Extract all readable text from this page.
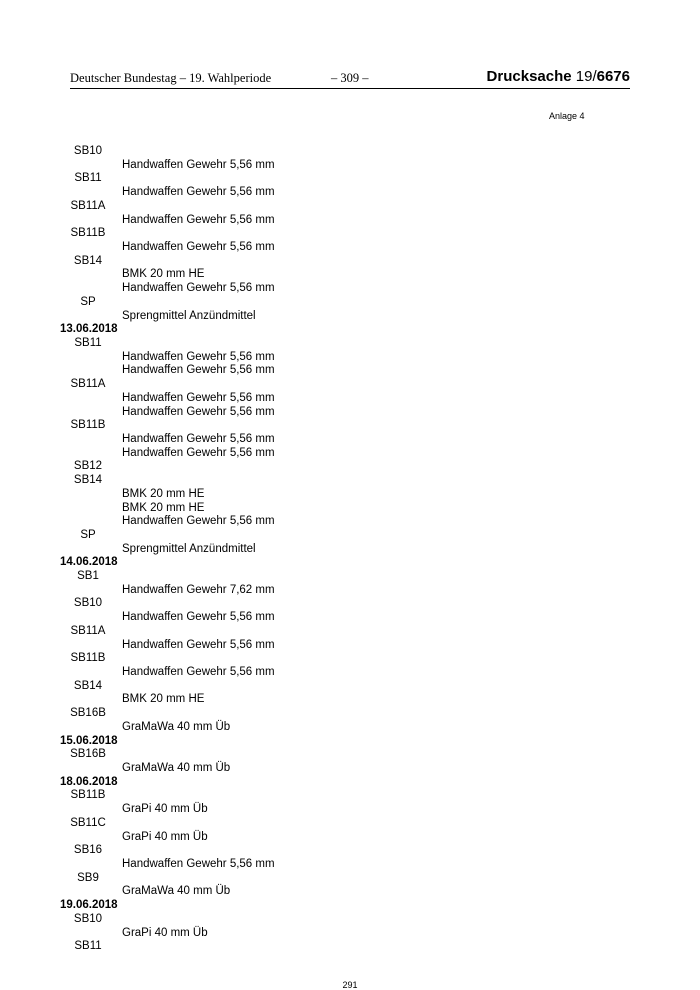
Deutscher Bundestag – 19. Wahlperiode	– 309 –	Drucksache 19/6676
Anlage 4
SB10
Handwaffen Gewehr 5,56 mm
SB11
Handwaffen Gewehr 5,56 mm
SB11A
Handwaffen Gewehr 5,56 mm
SB11B
Handwaffen Gewehr 5,56 mm
SB14
BMK 20 mm HE
Handwaffen Gewehr 5,56 mm
SP
Sprengmittel Anzündmittel
13.06.2018
SB11
Handwaffen Gewehr 5,56 mm
Handwaffen Gewehr 5,56 mm
SB11A
Handwaffen Gewehr 5,56 mm
Handwaffen Gewehr 5,56 mm
SB11B
Handwaffen Gewehr 5,56 mm
Handwaffen Gewehr 5,56 mm
SB12
SB14
BMK 20 mm HE
BMK 20 mm HE
Handwaffen Gewehr 5,56 mm
SP
Sprengmittel Anzündmittel
14.06.2018
SB1
Handwaffen Gewehr 7,62 mm
SB10
Handwaffen Gewehr 5,56 mm
SB11A
Handwaffen Gewehr 5,56 mm
SB11B
Handwaffen Gewehr 5,56 mm
SB14
BMK 20 mm HE
SB16B
GraMaWa 40 mm Üb
15.06.2018
SB16B
GraMaWa 40 mm Üb
18.06.2018
SB11B
GraPi 40 mm Üb
SB11C
GraPi 40 mm Üb
SB16
Handwaffen Gewehr 5,56 mm
SB9
GraMaWa 40 mm Üb
19.06.2018
SB10
GraPi 40 mm Üb
SB11
291
